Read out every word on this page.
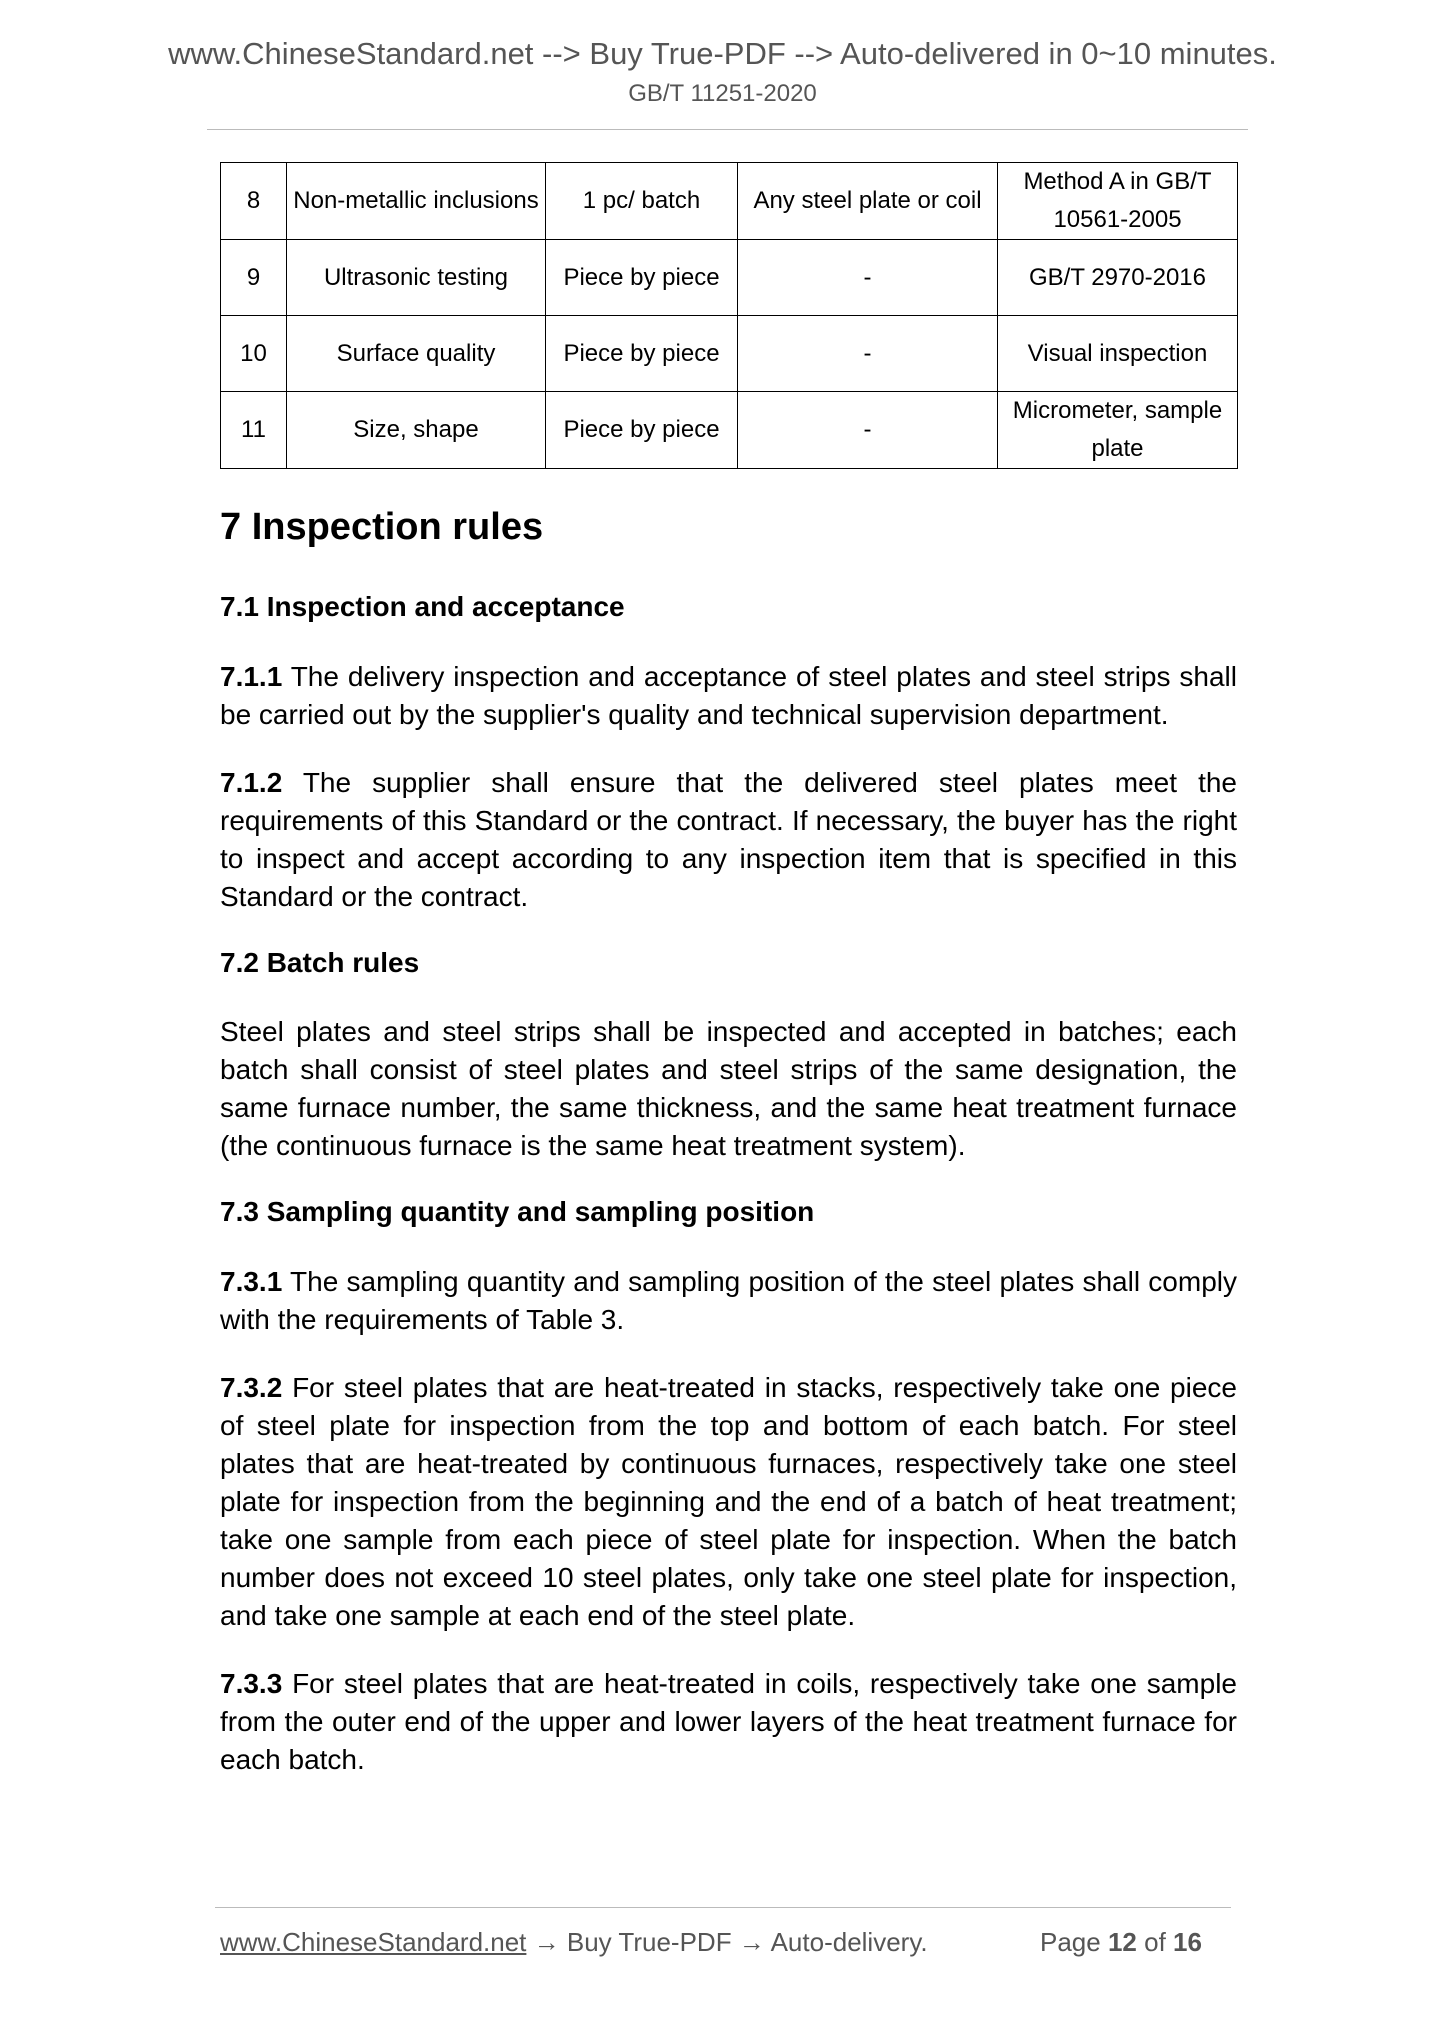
www.ChineseStandard.net --> Buy True-PDF --> Auto-delivered in 0~10 minutes.
GB/T 11251-2020
8	Non-metallic inclusions	1 pc/ batch	Any steel plate or coil	Method A in GB/T 10561-2005
9	Ultrasonic testing	Piece by piece	-	GB/T 2970-2016
10	Surface quality	Piece by piece	-	Visual inspection
11	Size, shape	Piece by piece	-	Micrometer, sample plate
7 Inspection rules
7.1 Inspection and acceptance

7.1.1 The delivery inspection and acceptance of steel plates and steel strips shall be carried out by the supplier's quality and technical supervision department.

7.1.2 The supplier shall ensure that the delivered steel plates meet the requirements of this Standard or the contract. If necessary, the buyer has the right to inspect and accept according to any inspection item that is specified in this Standard or the contract.

7.2 Batch rules

Steel plates and steel strips shall be inspected and accepted in batches; each batch shall consist of steel plates and steel strips of the same designation, the same furnace number, the same thickness, and the same heat treatment furnace (the continuous furnace is the same heat treatment system).

7.3 Sampling quantity and sampling position

7.3.1 The sampling quantity and sampling position of the steel plates shall comply with the requirements of Table 3.

7.3.2 For steel plates that are heat-treated in stacks, respectively take one piece of steel plate for inspection from the top and bottom of each batch. For steel plates that are heat-treated by continuous furnaces, respectively take one steel plate for inspection from the beginning and the end of a batch of heat treatment; take one sample from each piece of steel plate for inspection. When the batch number does not exceed 10 steel plates, only take one steel plate for inspection, and take one sample at each end of the steel plate.

7.3.3 For steel plates that are heat-treated in coils, respectively take one sample from the outer end of the upper and lower layers of the heat treatment furnace for each batch.

www.ChineseStandard.net → Buy True-PDF → Auto-delivery.	Page 12 of 16
